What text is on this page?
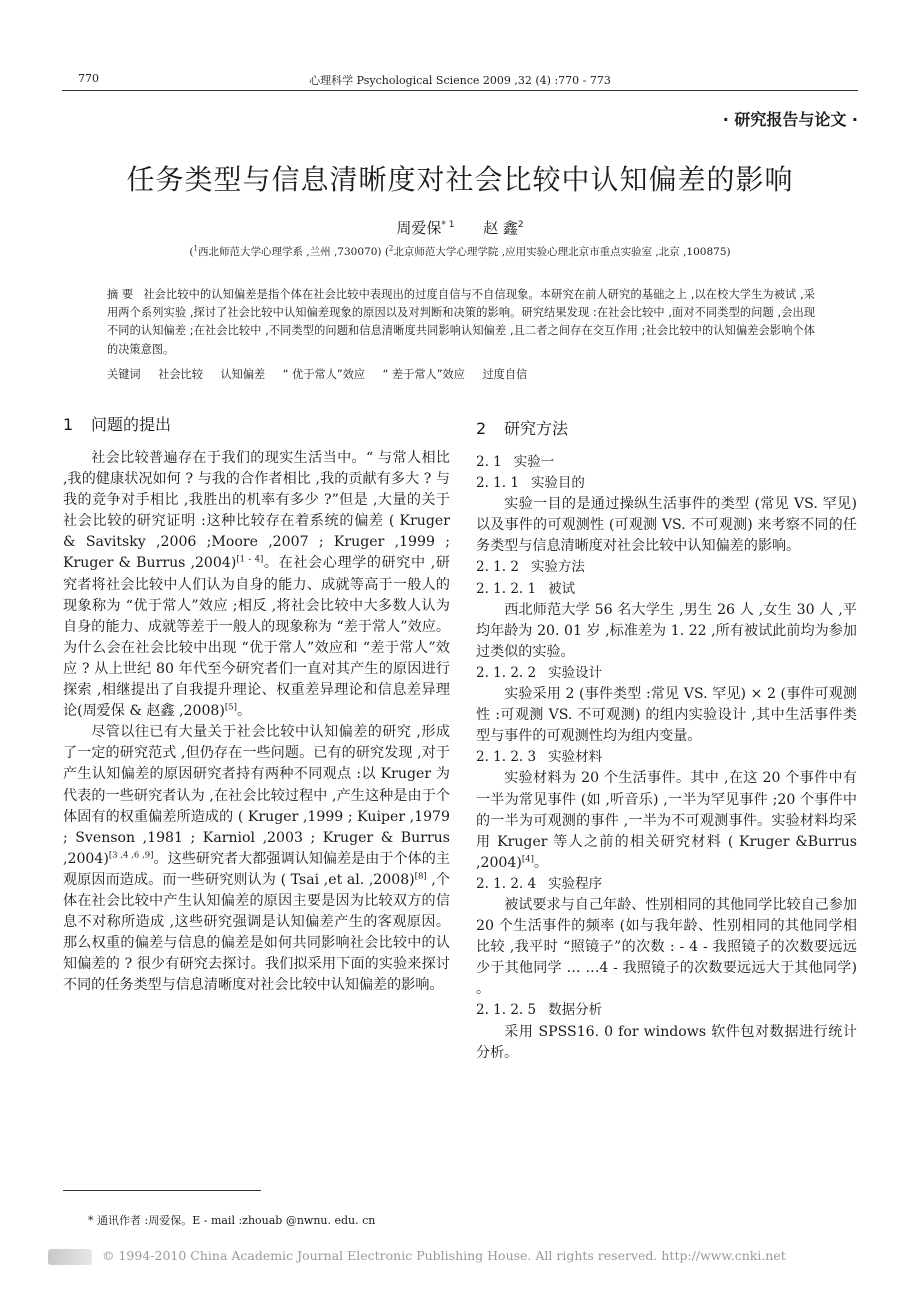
770	心理科学 Psychological Science 2009 ,32 (4) :770 - 773
· 研究报告与论文 ·
任务类型与信息清晰度对社会比较中认知偏差的影响
周爱保$^{* 1}$ 赵 鑫$^2$
($^1$西北师范大学心理学系 ,兰州 ,730070) ($^2$北京师范大学心理学院 ,应用实验心理北京市重点实验室 ,北京 ,100875)
摘 要 社会比较中的认知偏差是指个体在社会比较中表现出的过度自信与不自信现象。本研究在前人研究的基础之上 ,以在校大学生为被试 ,采用两个系列实验 ,探讨了社会比较中认知偏差现象的原因以及对判断和决策的影响。研究结果发现 :在社会比较中 ,面对不同类型的问题 ,会出现不同的认知偏差 ;在社会比较中 ,不同类型的问题和信息清晰度共同影响认知偏差 ,且二者之间存在交互作用 ;社会比较中的认知偏差会影响个体的决策意图。
关键词 社会比较 认知偏差 “ 优于常人”效应 “ 差于常人”效应 过度自信
1 问题的提出

社会比较普遍存在于我们的现实生活当中。“ 与常人相比 ,我的健康状况如何 ? 与我的合作者相比 ,我的贡献有多大 ? 与我的竞争对手相比 ,我胜出的机率有多少 ?”但是 ,大量的关于社会比较的研究证明 :这种比较存在着系统的偏差 ( Kruger & Savitsky ,2006 ;Moore ,2007 ; Kruger ,1999 ; Kruger & Burrus ,2004)[1 - 4]。在社会心理学的研究中 ,研究者将社会比较中人们认为自身的能力、成就等高于一般人的现象称为 “优于常人”效应 ;相反 ,将社会比较中大多数人认为自身的能力、成就等差于一般人的现象称为 “差于常人”效应。为什么会在社会比较中出现 “优于常人”效应和 “差于常人”效应 ? 从上世纪 80 年代至今研究者们一直对其产生的原因进行探索 ,相继提出了自我提升理论、权重差异理论和信息差异理论(周爱保 & 赵鑫 ,2008)[5]。

尽管以往已有大量关于社会比较中认知偏差的研究 ,形成了一定的研究范式 ,但仍存在一些问题。已有的研究发现 ,对于产生认知偏差的原因研究者持有两种不同观点 :以 Kruger 为代表的一些研究者认为 ,在社会比较过程中 ,产生这种是由于个体固有的权重偏差所造成的 ( Kruger ,1999 ; Kuiper ,1979 ; Svenson ,1981 ; Karniol ,2003 ; Kruger & Burrus ,2004)[3 ,4 ,6 ,9]。这些研究者大都强调认知偏差是由于个体的主观原因而造成。而一些研究则认为 ( Tsai ,et al. ,2008)[8] ,个体在社会比较中产生认知偏差的原因主要是因为比较双方的信息不对称所造成 ,这些研究强调是认知偏差产生的客观原因。那么权重的偏差与信息的偏差是如何共同影响社会比较中的认知偏差的 ? 很少有研究去探讨。我们拟采用下面的实验来探讨不同的任务类型与信息清晰度对社会比较中认知偏差的影响。

2 研究方法
2. 1 实验一
2. 1. 1 实验目的

实验一目的是通过操纵生活事件的类型 (常见 VS. 罕见) 以及事件的可观测性 (可观测 VS. 不可观测) 来考察不同的任务类型与信息清晰度对社会比较中认知偏差的影响。

2. 1. 2 实验方法
2. 1. 2. 1 被试

西北师范大学 56 名大学生 ,男生 26 人 ,女生 30 人 ,平均年龄为 20. 01 岁 ,标准差为 1. 22 ,所有被试此前均为参加过类似的实验。

2. 1. 2. 2 实验设计

实验采用 2 (事件类型 :常见 VS. 罕见) × 2 (事件可观测性 :可观测 VS. 不可观测) 的组内实验设计 ,其中生活事件类型与事件的可观测性均为组内变量。

2. 1. 2. 3 实验材料

实验材料为 20 个生活事件。其中 ,在这 20 个事件中有一半为常见事件 (如 ,听音乐) ,一半为罕见事件 ;20 个事件中的一半为可观测的事件 ,一半为不可观测事件。实验材料均采用 Kruger 等人之前的相关研究材料 ( Kruger &Burrus ,2004)[4]。

2. 1. 2. 4 实验程序

被试要求与自己年龄、性别相同的其他同学比较自己参加 20 个生活事件的频率 (如与我年龄、性别相同的其他同学相比较 ,我平时 “照镜子”的次数 : - 4 - 我照镜子的次数要远远少于其他同学 … …4 - 我照镜子的次数要远远大于其他同学) 。

2. 1. 2. 5 数据分析

采用 SPSS16. 0 for windows 软件包对数据进行统计分析。

* 通讯作者 :周爱保。E - mail :zhouab @nwnu. edu. cn
© 1994-2010 China Academic Journal Electronic Publishing House. All rights reserved. http://www.cnki.net
